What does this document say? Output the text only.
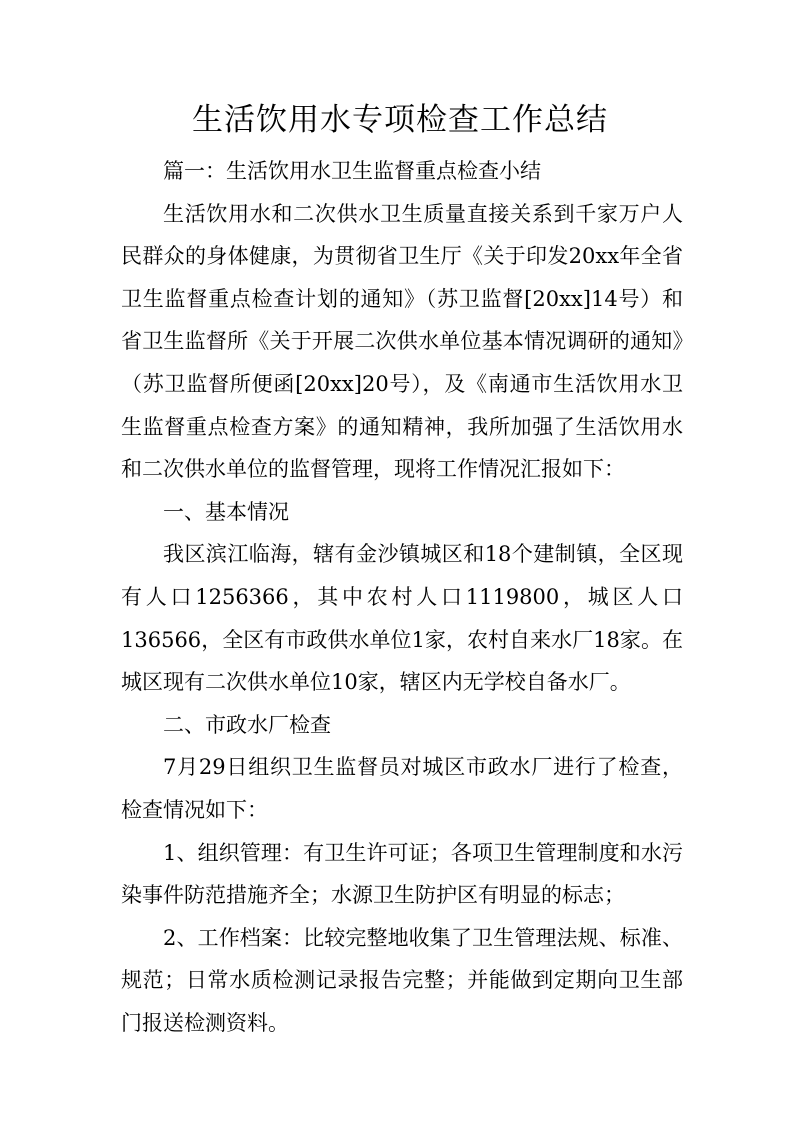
生活饮用水专项检查工作总结

篇一：生活饮用水卫生监督重点检查小结

生活饮用水和二次供水卫生质量直接关系到千家万户人民群众的身体健康，为贯彻省卫生厅《关于印发20xx年全省卫生监督重点检查计划的通知》（苏卫监督[20xx]14号）和省卫生监督所《关于开展二次供水单位基本情况调研的通知》（苏卫监督所便函[20xx]20号），及《南通市生活饮用水卫生监督重点检查方案》的通知精神，我所加强了生活饮用水和二次供水单位的监督管理，现将工作情况汇报如下：

一、基本情况

我区滨江临海，辖有金沙镇城区和18个建制镇，全区现有人口1256366，其中农村人口1119800，城区人口136566，全区有市政供水单位1家，农村自来水厂18家。在城区现有二次供水单位10家，辖区内无学校自备水厂。

二、市政水厂检查

7月29日组织卫生监督员对城区市政水厂进行了检查，检查情况如下：

1、组织管理：有卫生许可证；各项卫生管理制度和水污染事件防范措施齐全；水源卫生防护区有明显的标志；

2、工作档案：比较完整地收集了卫生管理法规、标准、规范；日常水质检测记录报告完整；并能做到定期向卫生部门报送检测资料。
